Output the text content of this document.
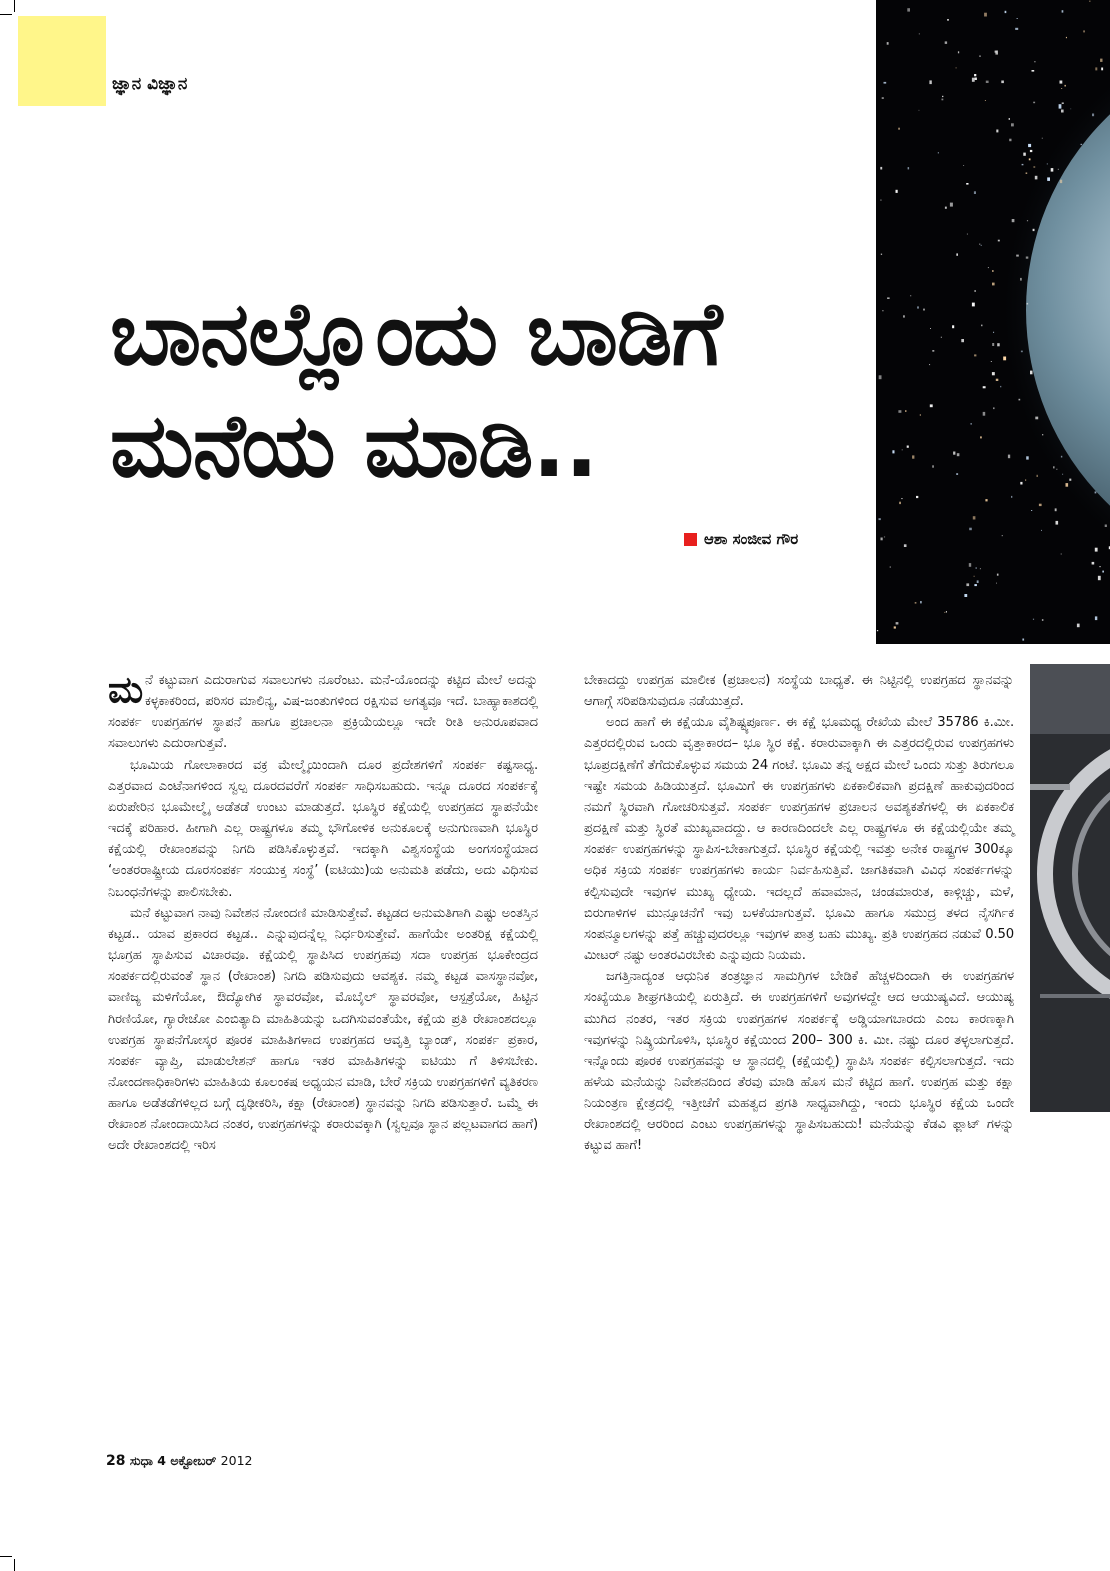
ಜ್ಞಾನ ವಿಜ್ಞಾನ
ಬಾನಲ್ಲೊಂದು ಬಾಡಿಗೆ
ಮನೆಯ ಮಾಡಿ..
ಆಶಾ ಸಂಜೀವ ಗೌರ

ಮನೆ ಕಟ್ಟುವಾಗ ಎದುರಾಗುವ ಸವಾಲುಗಳು ನೂರೆಂಟು. ಮನೆ-ಯೊಂದನ್ನು ಕಟ್ಟಿದ ಮೇಲೆ ಅದನ್ನು ಕಳ್ಳಕಾಕರಿಂದ, ಪರಿಸರ ಮಾಲಿನ್ಯ, ವಿಷ-ಜಂತುಗಳಿಂದ ರಕ್ಷಿಸುವ ಅಗತ್ಯವೂ ಇದೆ. ಬಾಹ್ಯಾಕಾಶದಲ್ಲಿ ಸಂಪರ್ಕ ಉಪಗ್ರಹಗಳ ಸ್ಥಾಪನೆ ಹಾಗೂ ಪ್ರಚಾಲನಾ ಪ್ರಕ್ರಿಯೆಯಲ್ಲೂ ಇದೇ ರೀತಿ ಅನುರೂಪವಾದ ಸವಾಲುಗಳು ಎದುರಾಗುತ್ತವೆ.

ಭೂಮಿಯ ಗೋಲಾಕಾರದ ವಕ್ರ ಮೇಲ್ಮೈಯಿಂದಾಗಿ ದೂರ ಪ್ರದೇಶಗಳಿಗೆ ಸಂಪರ್ಕ ಕಷ್ಟಸಾಧ್ಯ. ಎತ್ತರವಾದ ಎಂಟೆನಾಗಳಿಂದ ಸ್ವಲ್ಪ ದೂರದವರೆಗೆ ಸಂಪರ್ಕ ಸಾಧಿಸಬಹುದು. ಇನ್ನೂ ದೂರದ ಸಂಪರ್ಕಕ್ಕೆ ಏರುಪೇರಿನ ಭೂಮೇಲ್ಮೈ ಅಡೆತಡೆ ಉಂಟು ಮಾಡುತ್ತದೆ. ಭೂಸ್ಥಿರ ಕಕ್ಷೆಯಲ್ಲಿ ಉಪಗ್ರಹದ ಸ್ಥಾಪನೆಯೇ ಇದಕ್ಕೆ ಪರಿಹಾರ. ಹೀಗಾಗಿ ಎಲ್ಲ ರಾಷ್ಟ್ರಗಳೂ ತಮ್ಮ ಭೌಗೋಳಿಕ ಅನುಕೂಲಕ್ಕೆ ಅನುಗುಣವಾಗಿ ಭೂಸ್ಥಿರ ಕಕ್ಷೆಯಲ್ಲಿ ರೇಖಾಂಶವನ್ನು ನಿಗದಿ ಪಡಿಸಿಕೊಳ್ಳುತ್ತವೆ. ಇದಕ್ಕಾಗಿ ವಿಶ್ವಸಂಸ್ಥೆಯ ಅಂಗಸಂಸ್ಥೆಯಾದ ‘ಅಂತರರಾಷ್ಟ್ರೀಯ ದೂರಸಂಪರ್ಕ ಸಂಯುಕ್ತ ಸಂಸ್ಥೆ’ (ಐಟಿಯು)ಯ ಅನುಮತಿ ಪಡೆದು, ಅದು ವಿಧಿಸುವ ನಿಬಂಧನೆಗಳನ್ನು ಪಾಲಿಸಬೇಕು.

ಮನೆ ಕಟ್ಟುವಾಗ ನಾವು ನಿವೇಶನ ನೋಂದಣಿ ಮಾಡಿಸುತ್ತೇವೆ. ಕಟ್ಟಡದ ಅನುಮತಿಗಾಗಿ ಎಷ್ಟು ಅಂತಸ್ತಿನ ಕಟ್ಟಡ.. ಯಾವ ಪ್ರಕಾರದ ಕಟ್ಟಡ.. ಎನ್ನುವುದನ್ನೆಲ್ಲ ನಿರ್ಧರಿಸುತ್ತೇವೆ. ಹಾಗೆಯೇ ಅಂತರಿಕ್ಷ ಕಕ್ಷೆಯಲ್ಲಿ ಭೂಗ್ರಹ ಸ್ಥಾಪಿಸುವ ವಿಚಾರವೂ. ಕಕ್ಷೆಯಲ್ಲಿ ಸ್ಥಾಪಿಸಿದ ಉಪಗ್ರಹವು ಸದಾ ಉಪಗ್ರಹ ಭೂಕೇಂದ್ರದ ಸಂಪರ್ಕದಲ್ಲಿರುವಂತೆ ಸ್ಥಾನ (ರೇಖಾಂಶ) ನಿಗದಿ ಪಡಿಸುವುದು ಆವಶ್ಯಕ. ನಮ್ಮ ಕಟ್ಟಡ ವಾಸಸ್ಥಾನವೋ, ವಾಣಿಜ್ಯ ಮಳಿಗೆಯೋ, ಔದ್ಯೋಗಿಕ ಸ್ಥಾವರವೋ, ಮೊಬೈಲ್ ಸ್ಥಾವರವೋ, ಆಸ್ಪತ್ರೆಯೋ, ಹಿಟ್ಟಿನ ಗಿರಣಿಯೋ, ಗ್ಯಾರೇಜೋ ಎಂಬಿತ್ಯಾದಿ ಮಾಹಿತಿಯನ್ನು ಒದಗಿಸುವಂತೆಯೇ, ಕಕ್ಷೆಯ ಪ್ರತಿ ರೇಖಾಂಶದಲ್ಲೂ ಉಪಗ್ರಹ ಸ್ಥಾಪನೆಗೋಸ್ಕರ ಪೂರಕ ಮಾಹಿತಿಗಳಾದ ಉಪಗ್ರಹದ ಆವೃತ್ತಿ ಬ್ಯಾಂಡ್, ಸಂಪರ್ಕ ಪ್ರಕಾರ, ಸಂಪರ್ಕ ವ್ಯಾಪ್ತಿ, ಮಾಡುಲೇಶನ್ ಹಾಗೂ ಇತರ ಮಾಹಿತಿಗಳನ್ನು ಐಟಿಯು ಗೆ ತಿಳಿಸಬೇಕು. ನೋಂದಣಾಧಿಕಾರಿಗಳು ಮಾಹಿತಿಯ ಕೂಲಂಕಷ ಅಧ್ಯಯನ ಮಾಡಿ, ಬೇರೆ ಸಕ್ರಿಯ ಉಪಗ್ರಹಗಳಿಗೆ ವ್ಯತಿಕರಣ ಹಾಗೂ ಅಡೆತಡೆಗಳಿಲ್ಲದ ಬಗ್ಗೆ ದೃಢೀಕರಿಸಿ, ಕಕ್ಷಾ (ರೇಖಾಂಶ) ಸ್ಥಾನವನ್ನು ನಿಗದಿ ಪಡಿಸುತ್ತಾರೆ. ಒಮ್ಮೆ ಈ ರೇಖಾಂಶ ನೋಂದಾಯಿಸಿದ ನಂತರ, ಉಪಗ್ರಹಗಳನ್ನು ಕರಾರುವಕ್ಕಾಗಿ (ಸ್ವಲ್ಪವೂ ಸ್ಥಾನ ಪಲ್ಲಟವಾಗದ ಹಾಗೆ) ಅದೇ ರೇಖಾಂಶದಲ್ಲಿ ಇರಿಸ

ಬೇಕಾದದ್ದು ಉಪಗ್ರಹ ಮಾಲೀಕ (ಪ್ರಚಾಲನ) ಸಂಸ್ಥೆಯ ಬಾಧ್ಯತೆ. ಈ ನಿಟ್ಟಿನಲ್ಲಿ ಉಪಗ್ರಹದ ಸ್ಥಾನವನ್ನು ಆಗಾಗ್ಗೆ ಸರಿಪಡಿಸುವುದೂ ನಡೆಯುತ್ತದೆ.

ಅಂದ ಹಾಗೆ ಈ ಕಕ್ಷೆಯೂ ವೈಶಿಷ್ಟ್ಯಪೂರ್ಣ. ಈ ಕಕ್ಷೆ ಭೂಮಧ್ಯ ರೇಖೆಯ ಮೇಲೆ 35786 ಕಿ.ಮೀ. ಎತ್ತರದಲ್ಲಿರುವ ಒಂದು ವೃತ್ತಾಕಾರದ– ಭೂ ಸ್ಥಿರ ಕಕ್ಷೆ. ಕರಾರುವಾಕ್ಕಾಗಿ ಈ ಎತ್ತರದಲ್ಲಿರುವ ಉಪಗ್ರಹಗಳು ಭೂಪ್ರದಕ್ಷಿಣೆಗೆ ತೆಗೆದುಕೊಳ್ಳುವ ಸಮಯ 24 ಗಂಟೆ. ಭೂಮಿ ತನ್ನ ಅಕ್ಷದ ಮೇಲೆ ಒಂದು ಸುತ್ತು ತಿರುಗಲೂ ಇಷ್ಟೇ ಸಮಯ ಹಿಡಿಯುತ್ತದೆ. ಭೂಮಿಗೆ ಈ ಉಪಗ್ರಹಗಳು ಏಕಕಾಲಿಕವಾಗಿ ಪ್ರದಕ್ಷಿಣೆ ಹಾಕುವುದರಿಂದ ನಮಗೆ ಸ್ಥಿರವಾಗಿ ಗೋಚರಿಸುತ್ತವೆ. ಸಂಪರ್ಕ ಉಪಗ್ರಹಗಳ ಪ್ರಚಾಲನ ಅವಶ್ಯಕತೆಗಳಲ್ಲಿ ಈ ಏಕಕಾಲಿಕ ಪ್ರದಕ್ಷಿಣೆ ಮತ್ತು ಸ್ಥಿರತೆ ಮುಖ್ಯವಾದದ್ದು. ಆ ಕಾರಣದಿಂದಲೇ ಎಲ್ಲ ರಾಷ್ಟ್ರಗಳೂ ಈ ಕಕ್ಷೆಯಲ್ಲಿಯೇ ತಮ್ಮ ಸಂಪರ್ಕ ಉಪಗ್ರಹಗಳನ್ನು ಸ್ಥಾಪಿಸ-ಬೇಕಾಗುತ್ತದೆ. ಭೂಸ್ಥಿರ ಕಕ್ಷೆಯಲ್ಲಿ ಇವತ್ತು ಅನೇಕ ರಾಷ್ಟ್ರಗಳ 300ಕ್ಕೂ ಅಧಿಕ ಸಕ್ರಿಯ ಸಂಪರ್ಕ ಉಪಗ್ರಹಗಳು ಕಾರ್ಯ ನಿರ್ವಹಿಸುತ್ತಿವೆ. ಜಾಗತಿಕವಾಗಿ ವಿವಿಧ ಸಂಪರ್ಕಗಳನ್ನು ಕಲ್ಪಿಸುವುದೇ ಇವುಗಳ ಮುಖ್ಯ ಧ್ಯೇಯ. ಇದಲ್ಲದೆ ಹವಾಮಾನ, ಚಂಡಮಾರುತ, ಕಾಳ್ಗಿಚ್ಚು, ಮಳೆ, ಬಿರುಗಾಳಿಗಳ ಮುನ್ಸೂಚನೆಗೆ ಇವು ಬಳಕೆಯಾಗುತ್ತವೆ. ಭೂಮಿ ಹಾಗೂ ಸಮುದ್ರ ತಳದ ನೈಸರ್ಗಿಕ ಸಂಪನ್ಮೂಲಗಳನ್ನು ಪತ್ತೆ ಹಚ್ಚುವುದರಲ್ಲೂ ಇವುಗಳ ಪಾತ್ರ ಬಹು ಮುಖ್ಯ. ಪ್ರತಿ ಉಪಗ್ರಹದ ನಡುವೆ 0.50 ಮೀಟರ್ ನಷ್ಟು ಅಂತರವಿರಬೇಕು ಎನ್ನುವುದು ನಿಯಮ.

ಜಗತ್ತಿನಾದ್ಯಂತ ಆಧುನಿಕ ತಂತ್ರಜ್ಞಾನ ಸಾಮಗ್ರಿಗಳ ಬೇಡಿಕೆ ಹೆಚ್ಚಳದಿಂದಾಗಿ ಈ ಉಪಗ್ರಹಗಳ ಸಂಖ್ಯೆಯೂ ಶೀಘ್ರಗತಿಯಲ್ಲಿ ಏರುತ್ತಿದೆ. ಈ ಉಪಗ್ರಹಗಳಿಗೆ ಅವುಗಳದ್ದೇ ಆದ ಆಯುಷ್ಯವಿದೆ. ಆಯುಷ್ಯ ಮುಗಿದ ನಂತರ, ಇತರ ಸಕ್ರಿಯ ಉಪಗ್ರಹಗಳ ಸಂಪರ್ಕಕ್ಕೆ ಅಡ್ಡಿಯಾಗಬಾರದು ಎಂಬ ಕಾರಣಕ್ಕಾಗಿ ಇವುಗಳನ್ನು ನಿಷ್ಕ್ರಿಯಗೊಳಿಸಿ, ಭೂಸ್ಥಿರ ಕಕ್ಷೆಯಿಂದ 200– 300 ಕಿ. ಮೀ. ನಷ್ಟು ದೂರ ತಳ್ಳಲಾಗುತ್ತದೆ. ಇನ್ನೊಂದು ಪೂರಕ ಉಪಗ್ರಹವನ್ನು ಆ ಸ್ಥಾನದಲ್ಲಿ (ಕಕ್ಷೆಯಲ್ಲಿ) ಸ್ಥಾಪಿಸಿ ಸಂಪರ್ಕ ಕಲ್ಪಿಸಲಾಗುತ್ತದೆ. ಇದು ಹಳೆಯ ಮನೆಯನ್ನು ನಿವೇಶನದಿಂದ ತೆರವು ಮಾಡಿ ಹೊಸ ಮನೆ ಕಟ್ಟಿದ ಹಾಗೆ. ಉಪಗ್ರಹ ಮತ್ತು ಕಕ್ಷಾ ನಿಯಂತ್ರಣ ಕ್ಷೇತ್ರದಲ್ಲಿ ಇತ್ತೀಚೆಗೆ ಮಹತ್ವದ ಪ್ರಗತಿ ಸಾಧ್ಯವಾಗಿದ್ದು, ಇಂದು ಭೂಸ್ಥಿರ ಕಕ್ಷೆಯ ಒಂದೇ ರೇಖಾಂಶದಲ್ಲಿ ಆರರಿಂದ ಎಂಟು ಉಪಗ್ರಹಗಳನ್ನು ಸ್ಥಾಪಿಸಬಹುದು! ಮನೆಯನ್ನು ಕೆಡವಿ ಫ್ಲಾಟ್ ಗಳನ್ನು ಕಟ್ಟುವ ಹಾಗೆ!

28 ಸುಧಾ 4 ಅಕ್ಟೋಬರ್ 2012
